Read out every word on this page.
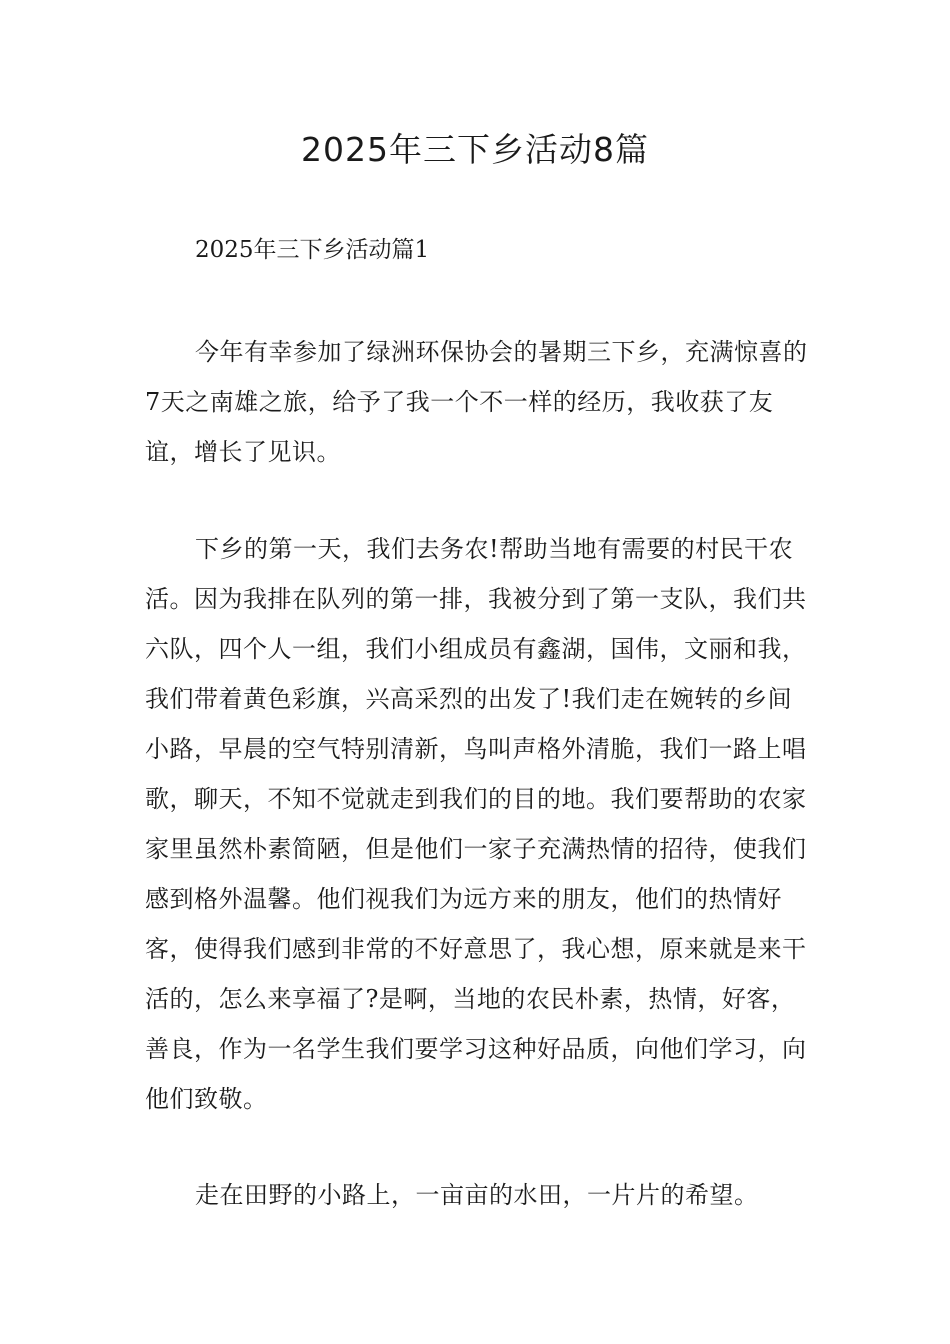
2025年三下乡活动8篇
2025年三下乡活动篇1

今年有幸参加了绿洲环保协会的暑期三下乡，充满惊喜的7天之南雄之旅，给予了我一个不一样的经历，我收获了友谊，增长了见识。

下乡的第一天，我们去务农!帮助当地有需要的村民干农活。因为我排在队列的第一排，我被分到了第一支队，我们共六队，四个人一组，我们小组成员有鑫湖，国伟，文丽和我，我们带着黄色彩旗，兴高采烈的出发了!我们走在婉转的乡间小路，早晨的空气特别清新，鸟叫声格外清脆，我们一路上唱歌，聊天，不知不觉就走到我们的目的地。我们要帮助的农家家里虽然朴素简陋，但是他们一家子充满热情的招待，使我们感到格外温馨。他们视我们为远方来的朋友，他们的热情好客，使得我们感到非常的不好意思了，我心想，原来就是来干活的，怎么来享福了?是啊，当地的农民朴素，热情，好客，善良，作为一名学生我们要学习这种好品质，向他们学习，向他们致敬。

走在田野的小路上，一亩亩的水田，一片片的希望。
